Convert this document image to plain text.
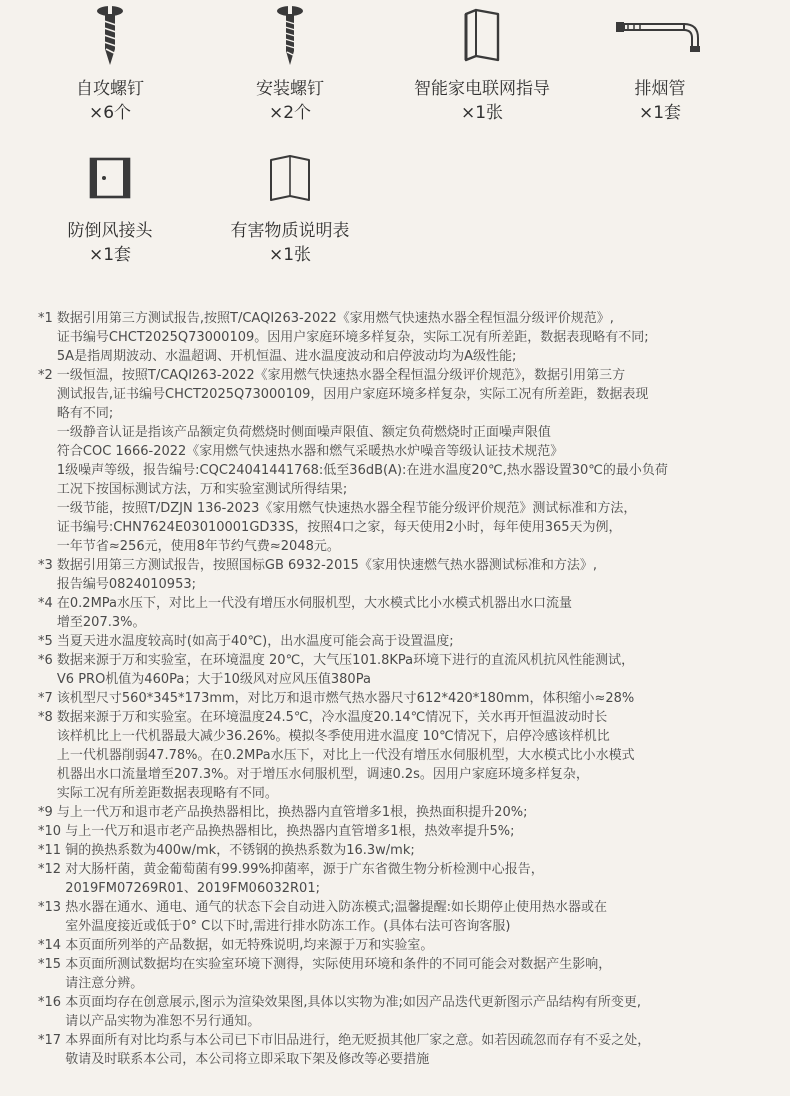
自攻螺钉
×6个
安装螺钉
×2个
智能家电联网指导
×1张
排烟管
×1套
防倒风接头
×1套
有害物质说明表
×1张
*1 数据引用第三方测试报告,按照T/CAQI263-2022《家用燃气快速热水器全程恒温分级评价规范》,
证书编号CHCT2025Q73000109。因用户家庭环境多样复杂，实际工况有所差距，数据表现略有不同;
5A是指周期波动、水温超调、开机恒温、进水温度波动和启停波动均为A级性能;
*2 一级恒温，按照T/CAQI263-2022《家用燃气快速热水器全程恒温分级评价规范》，数据引用第三方
测试报告,证书编号CHCT2025Q73000109，因用户家庭环境多样复杂，实际工况有所差距，数据表现
略有不同;
一级静音认证是指该产品额定负荷燃烧时侧面噪声限值、额定负荷燃烧时正面噪声限值
符合COC 1666-2022《家用燃气快速热水器和燃气采暖热水炉噪音等级认证技术规范》
1级噪声等级，报告编号:CQC24041441768:低至36dB(A):在进水温度20℃,热水器设置30℃的最小负荷
工况下按国标测试方法，万和实验室测试所得结果;
一级节能，按照T/DZJN 136-2023《家用燃气快速热水器全程节能分级评价规范》测试标准和方法，
证书编号:CHN7624E03010001GD33S，按照4口之家，每天使用2小时，每年使用365天为例，
一年节省≈256元，使用8年节约气费≈2048元。
*3 数据引用第三方测试报告，按照国标GB 6932-2015《家用快速燃气热水器测试标准和方法》,
报告编号0824010953;
*4 在0.2MPa水压下，对比上一代没有增压水伺服机型，大水模式比小水模式机器出水口流量
增至207.3%。
*5 当夏天进水温度较高时(如高于40℃)，出水温度可能会高于设置温度;
*6 数据来源于万和实验室，在环境温度 20℃，大气压101.8KPa环境下进行的直流风机抗风性能测试，
V6 PRO机值为460Pa；大于10级风对应风压值380Pa
*7 该机型尺寸560*345*173mm，对比万和退市燃气热水器尺寸612*420*180mm，体积缩小≈28%
*8 数据来源于万和实验室。在环境温度24.5℃，冷水温度20.14℃情况下，关水再开恒温波动时长
该样机比上一代机器最大减少36.26%。模拟冬季使用进水温度 10℃情况下，启停冷感该样机比
上一代机器削弱47.78%。在0.2MPa水压下，对比上一代没有增压水伺服机型，大水模式比小水模式
机器出水口流量增至207.3%。对于增压水伺服机型，调速0.2s。因用户家庭环境多样复杂，
实际工况有所差距数据表现略有不同。
*9 与上一代万和退市老产品换热器相比，换热器内直管增多1根，换热面积提升20%;
*10 与上一代万和退市老产品换热器相比，换热器内直管增多1根，热效率提升5%;
*11 铜的换热系数为400w/mk，不锈钢的换热系数为16.3w/mk;
*12 对大肠杆菌，黄金葡萄菌有99.99%抑菌率，源于广东省微生物分析检测中心报告，
2019FM07269R01、2019FM06032R01;
*13 热水器在通水、通电、通气的状态下会自动进入防冻模式;温馨提醒:如长期停止使用热水器或在
室外温度接近或低于0° C以下时,需进行排水防冻工作。(具体右法可咨询客服)
*14 本页面所列举的产品数据，如无特殊说明,均来源于万和实验室。
*15 本页面所测试数据均在实验室环境下测得，实际使用环境和条件的不同可能会对数据产生影响，
请注意分辨。
*16 本页面均存在创意展示,图示为渲染效果图,具体以实物为准;如因产品迭代更新图示产品结构有所变更,
请以产品实物为准恕不另行通知。
*17 本界面所有对比均系与本公司已下市旧品进行，绝无贬损其他厂家之意。如若因疏忽而存有不妥之处，
敬请及时联系本公司，本公司将立即采取下架及修改等必要措施
